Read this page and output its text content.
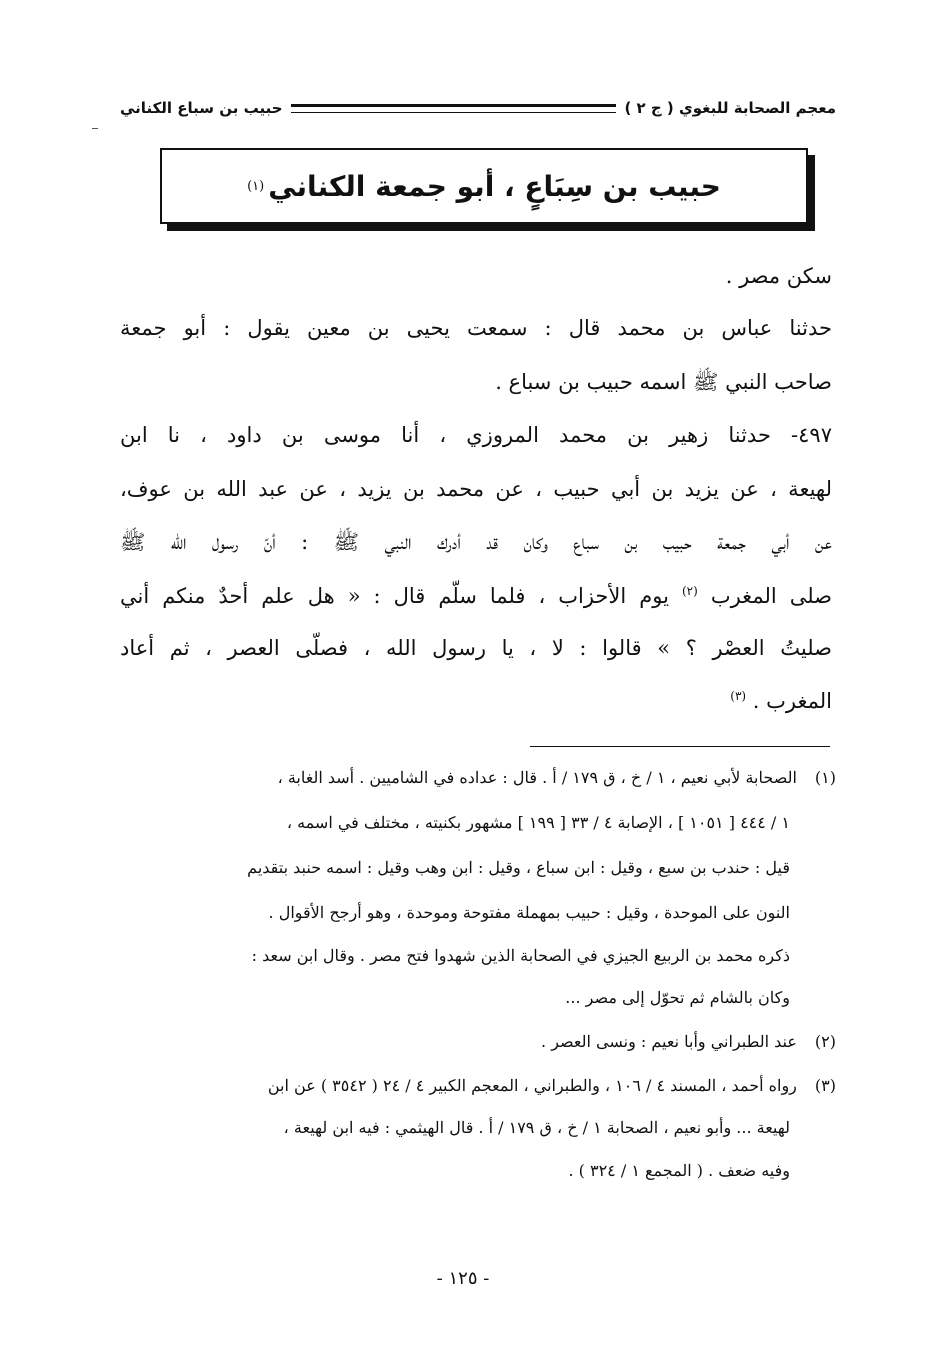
معجم الصحابة للبغوي ( ج ٢ )
حبيب بن سباع الكناني
حبيب بن سِبَاعٍ ، أبو جمعة الكناني
(١)
سكن مصر .
حدثنا عباس بن محمد قال : سمعت يحيى بن معين يقول : أبو جمعة
صاحب النبي ﷺ اسمه حبيب بن سباع .
٤٩٧- حدثنا زهير بن محمد المروزي ، أنا موسى بن داود ، نا ابن
لهيعة ، عن يزيد بن أبي حبيب ، عن محمد بن يزيد ، عن عبد الله بن عوف،
عن أبي جمعة حبيب بن سباع وكان قد أدرك النبي ﷺ : أنّ رسول الله ﷺ
صلى المغرب $^{(٢)}$ يوم الأحزاب ، فلما سلّم قال : « هل علم أحدٌ منكم أني
صليتُ العصْر ؟ » قالوا : لا ، يا رسول الله ، فصلّى العصر ، ثم أعاد
المغرب . $^{(٣)}$
(١) الصحابة لأبي نعيم ، ١ / خ ، ق ١٧٩ / أ . قال : عداده في الشاميين . أسد الغابة ،
١ / ٤٤٤ [ ١٠٥١ ] ، الإصابة ٤ / ٣٣ [ ١٩٩ ] مشهور بكنيته ، مختلف في اسمه ،
قيل : حندب بن سبع ، وقيل : ابن سباع ، وقيل : ابن وهب وقيل : اسمه حنبد بتقديم
النون على الموحدة ، وقيل : حبيب بمهملة مفتوحة وموحدة ، وهو أرجح الأقوال .
ذكره محمد بن الربيع الجيزي في الصحابة الذين شهدوا فتح مصر . وقال ابن سعد :
وكان بالشام ثم تحوّل إلى مصر ...
(٢) عند الطبراني وأبا نعيم : ونسى العصر .
(٣) رواه أحمد ، المسند ٤ / ١٠٦ ، والطبراني ، المعجم الكبير ٤ / ٢٤ ( ٣٥٤٢ ) عن ابن
لهيعة ... وأبو نعيم ، الصحابة ١ / خ ، ق ١٧٩ / أ . قال الهيثمي : فيه ابن لهيعة ،
وفيه ضعف . ( المجمع ١ / ٣٢٤ ) .
- ١٢٥ -
